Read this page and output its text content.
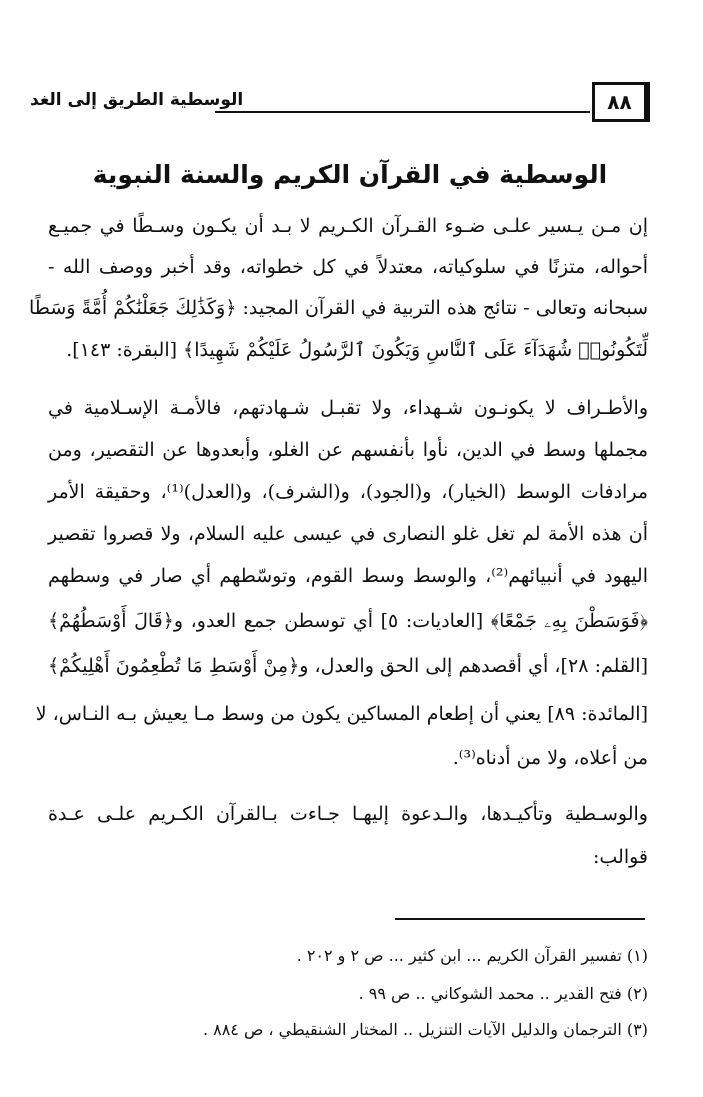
٨٨
الوسطية الطريق إلى الغد
الوسطية في القرآن الكريم والسنة النبوية
إن مـن يـسير علـى ضـوء القـرآن الكـريم لا بـد أن يكـون وسـطًا في جميـع
أحواله، متزنًا في سلوكياته، معتدلاً في كل خطواته، وقد أخبر ووصف الله -
سبحانه وتعالى - نتائج هذه التربية في القرآن المجيد: ﴿وَكَذَٰلِكَ جَعَلْنَٰكُمْ أُمَّةً وَسَطًا
لِّتَكُونُوا۟ شُهَدَآءَ عَلَى ٱلنَّاسِ وَيَكُونَ ٱلرَّسُولُ عَلَيْكُمْ شَهِيدًا﴾ [البقرة: ١٤٣].
والأطـراف لا يكونـون شـهداء، ولا تقبـل شـهادتهم، فالأمـة الإسـلامية في
مجملها وسط في الدين، نأوا بأنفسهم عن الغلو، وأبعدوها عن التقصير، ومن
مرادفات الوسط (الخيار)، و(الجود)، و(الشرف)، و(العدل)⁽¹⁾، وحقيقة الأمر
أن هذه الأمة لم تغل غلو النصارى في عيسى عليه السلام، ولا قصروا تقصير
اليهود في أنبيائهم⁽²⁾، والوسط وسط القوم، وتوسّطهم أي صار في وسطهم
﴿فَوَسَطْنَ بِهِۦ جَمْعًا﴾ [العاديات: ٥] أي توسطن جمع العدو، و﴿قَالَ أَوْسَطُهُمْ﴾
[القلم: ٢٨]، أي أقصدهم إلى الحق والعدل، و﴿مِنْ أَوْسَطِ مَا تُطْعِمُونَ أَهْلِيكُمْ﴾
[المائدة: ٨٩] يعني أن إطعام المساكين يكون من وسط مـا يعيش بـه النـاس، لا
من أعلاه، ولا من أدناه⁽³⁾.
والوسـطية وتأكيـدها، والـدعوة إليهـا جـاءت بـالقرآن الكـريم علـى عـدة
قوالب:
(١) تفسير القرآن الكريم ... ابن كثير ... ص ٢ و ٢٠٢ .
(٢) فتح القدير .. محمد الشوكاني .. ص ٩٩ .
(٣) الترجمان والدليل الآيات التنزيل .. المختار الشنقيطي ، ص ٨٨٤ .
